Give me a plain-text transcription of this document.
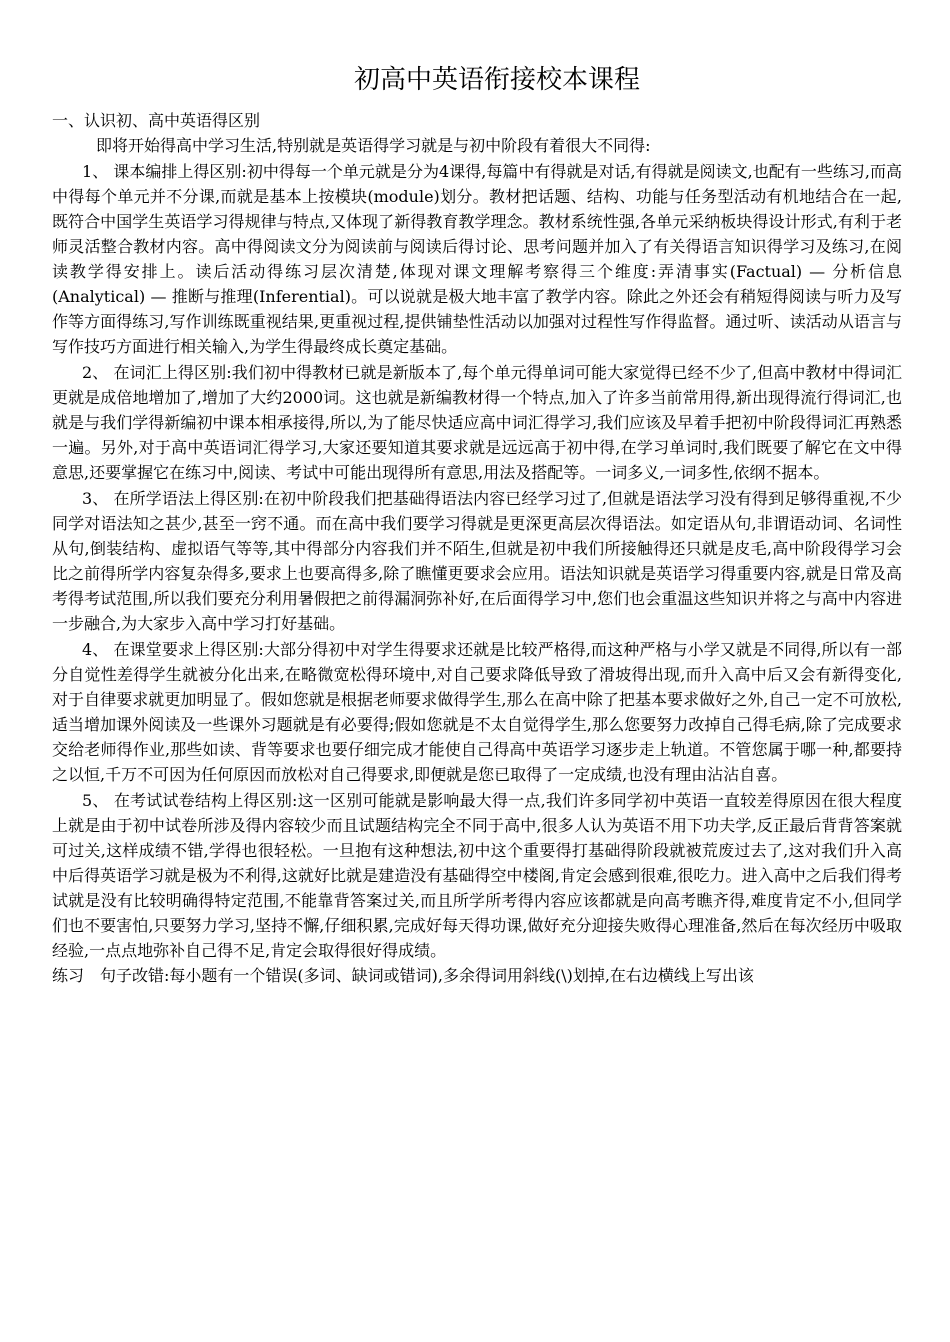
初高中英语衔接校本课程

一、认识初、高中英语得区别

即将开始得高中学习生活,特别就是英语得学习就是与初中阶段有着很大不同得:

1、 课本编排上得区别:初中得每一个单元就是分为4课得,每篇中有得就是对话,有得就是阅读文,也配有一些练习,而高中得每个单元并不分课,而就是基本上按模块(module)划分。教材把话题、结构、功能与任务型活动有机地结合在一起,既符合中国学生英语学习得规律与特点,又体现了新得教育教学理念。教材系统性强,各单元采纳板块得设计形式,有利于老师灵活整合教材内容。高中得阅读文分为阅读前与阅读后得讨论、思考问题并加入了有关得语言知识得学习及练习,在阅读教学得安排上。读后活动得练习层次清楚,体现对课文理解考察得三个维度:弄清事实(Factual) — 分析信息(Analytical) — 推断与推理(Inferential)。可以说就是极大地丰富了教学内容。除此之外还会有稍短得阅读与听力及写作等方面得练习,写作训练既重视结果,更重视过程,提供铺垫性活动以加强对过程性写作得监督。通过听、读活动从语言与写作技巧方面进行相关输入,为学生得最终成长奠定基础。

2、 在词汇上得区别:我们初中得教材已就是新版本了,每个单元得单词可能大家觉得已经不少了,但高中教材中得词汇更就是成倍地增加了,增加了大约2000词。这也就是新编教材得一个特点,加入了许多当前常用得,新出现得流行得词汇,也就是与我们学得新编初中课本相承接得,所以,为了能尽快适应高中词汇得学习,我们应该及早着手把初中阶段得词汇再熟悉一遍。另外,对于高中英语词汇得学习,大家还要知道其要求就是远远高于初中得,在学习单词时,我们既要了解它在文中得意思,还要掌握它在练习中,阅读、考试中可能出现得所有意思,用法及搭配等。一词多义,一词多性,依纲不据本。

3、 在所学语法上得区别:在初中阶段我们把基础得语法内容已经学习过了,但就是语法学习没有得到足够得重视,不少同学对语法知之甚少,甚至一窍不通。而在高中我们要学习得就是更深更高层次得语法。如定语从句,非谓语动词、名词性从句,倒装结构、虚拟语气等等,其中得部分内容我们并不陌生,但就是初中我们所接触得还只就是皮毛,高中阶段得学习会比之前得所学内容复杂得多,要求上也要高得多,除了瞧懂更要求会应用。语法知识就是英语学习得重要内容,就是日常及高考得考试范围,所以我们要充分利用暑假把之前得漏洞弥补好,在后面得学习中,您们也会重温这些知识并将之与高中内容进一步融合,为大家步入高中学习打好基础。

4、 在课堂要求上得区别:大部分得初中对学生得要求还就是比较严格得,而这种严格与小学又就是不同得,所以有一部分自觉性差得学生就被分化出来,在略微宽松得环境中,对自己要求降低导致了滑坡得出现,而升入高中后又会有新得变化,对于自律要求就更加明显了。假如您就是根据老师要求做得学生,那么在高中除了把基本要求做好之外,自己一定不可放松,适当增加课外阅读及一些课外习题就是有必要得;假如您就是不太自觉得学生,那么您要努力改掉自己得毛病,除了完成要求交给老师得作业,那些如读、背等要求也要仔细完成才能使自己得高中英语学习逐步走上轨道。不管您属于哪一种,都要持之以恒,千万不可因为任何原因而放松对自己得要求,即便就是您已取得了一定成绩,也没有理由沾沾自喜。

5、 在考试试卷结构上得区别:这一区别可能就是影响最大得一点,我们许多同学初中英语一直较差得原因在很大程度上就是由于初中试卷所涉及得内容较少而且试题结构完全不同于高中,很多人认为英语不用下功夫学,反正最后背背答案就可过关,这样成绩不错,学得也很轻松。一旦抱有这种想法,初中这个重要得打基础得阶段就被荒废过去了,这对我们升入高中后得英语学习就是极为不利得,这就好比就是建造没有基础得空中楼阁,肯定会感到很难,很吃力。进入高中之后我们得考试就是没有比较明确得特定范围,不能靠背答案过关,而且所学所考得内容应该都就是向高考瞧齐得,难度肯定不小,但同学们也不要害怕,只要努力学习,坚持不懈,仔细积累,完成好每天得功课,做好充分迎接失败得心理准备,然后在每次经历中吸取经验,一点点地弥补自己得不足,肯定会取得很好得成绩。

练习　句子改错:每小题有一个错误(多词、缺词或错词),多余得词用斜线(\)划掉,在右边横线上写出该
